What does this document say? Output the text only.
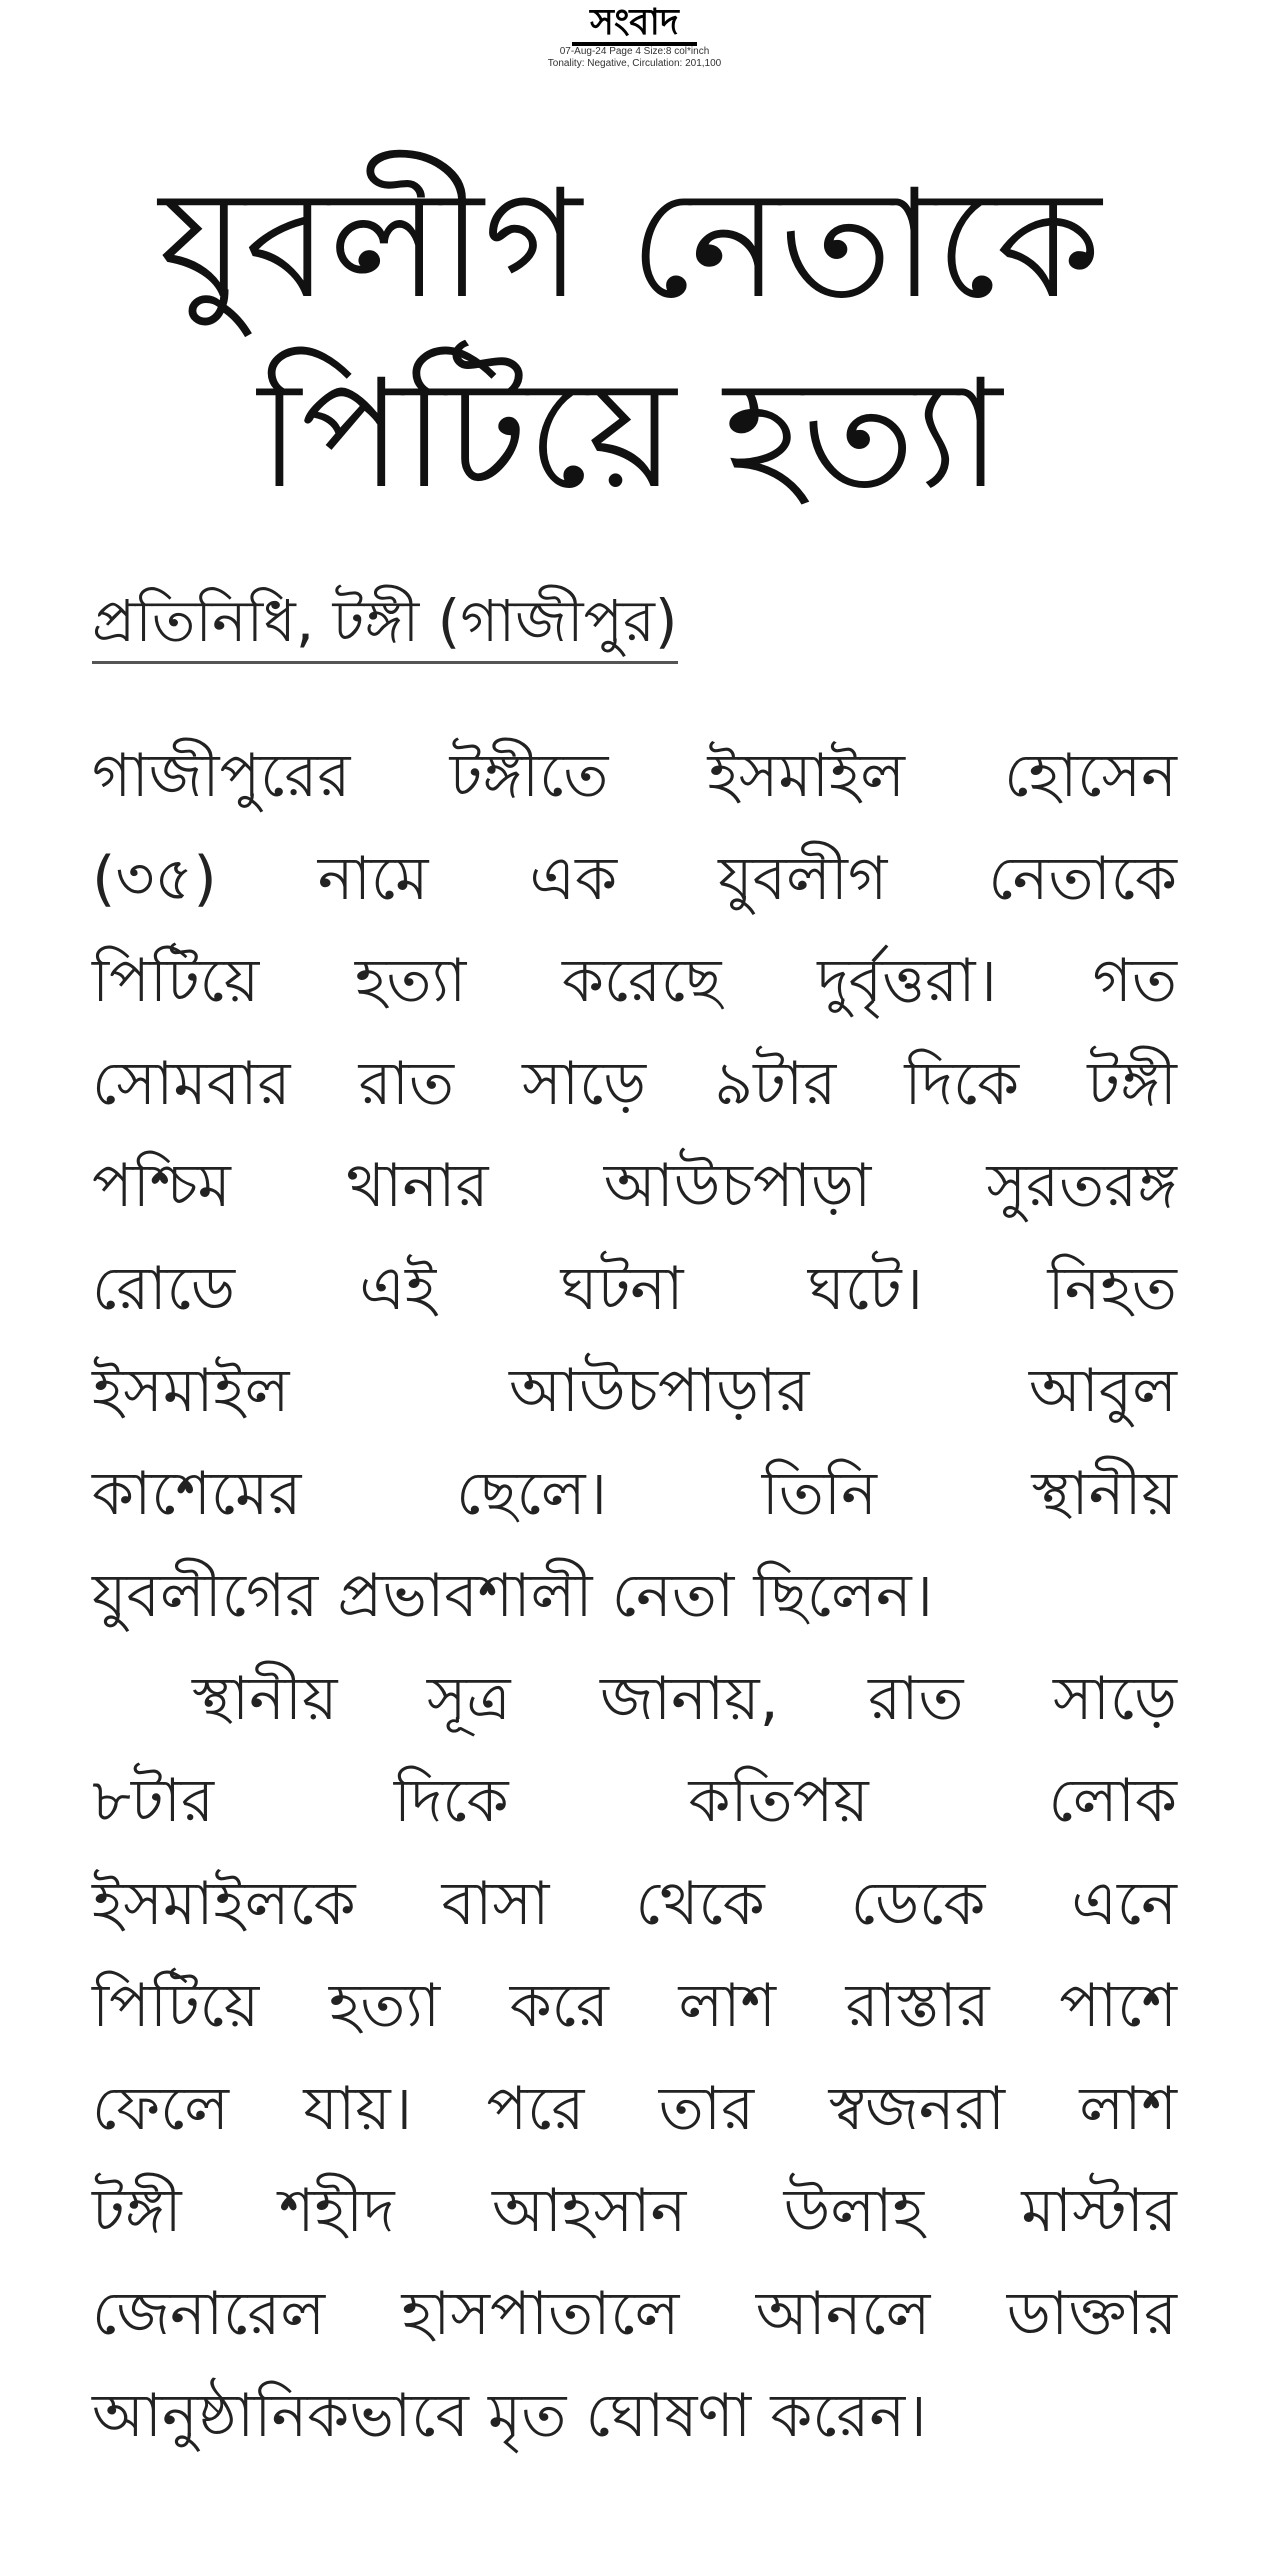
সংবাদ
07-Aug-24 Page 4 Size:8 col*inch
Tonality: Negative, Circulation: 201,100
যুবলীগ নেতাকে
পিটিয়ে হত্যা
প্রতিনিধি, টঙ্গী (গাজীপুর)
গাজীপুরের টঙ্গীতে ইসমাইল হোসেন
(৩৫) নামে এক যুবলীগ নেতাকে
পিটিয়ে হত্যা করেছে দুর্বৃত্তরা। গত
সোমবার রাত সাড়ে ৯টার দিকে টঙ্গী
পশ্চিম থানার আউচপাড়া সুরতরঙ্গ
রোডে এই ঘটনা ঘটে। নিহত
ইসমাইল	আউচপাড়ার	আবুল
কাশেমের	ছেলে।	তিনি	স্থানীয়
যুবলীগের প্রভাবশালী নেতা ছিলেন।
স্থানীয় সূত্র জানায়, রাত সাড়ে
৮টার	দিকে	কতিপয়	লোক
ইসমাইলকে বাসা থেকে ডেকে এনে
পিটিয়ে হত্যা করে লাশ রাস্তার পাশে
ফেলে যায়। পরে তার স্বজনরা লাশ
টঙ্গী শহীদ আহসান উলাহ মাস্টার
জেনারেল হাসপাতালে আনলে ডাক্তার
আনুষ্ঠানিকভাবে মৃত ঘোষণা করেন।
